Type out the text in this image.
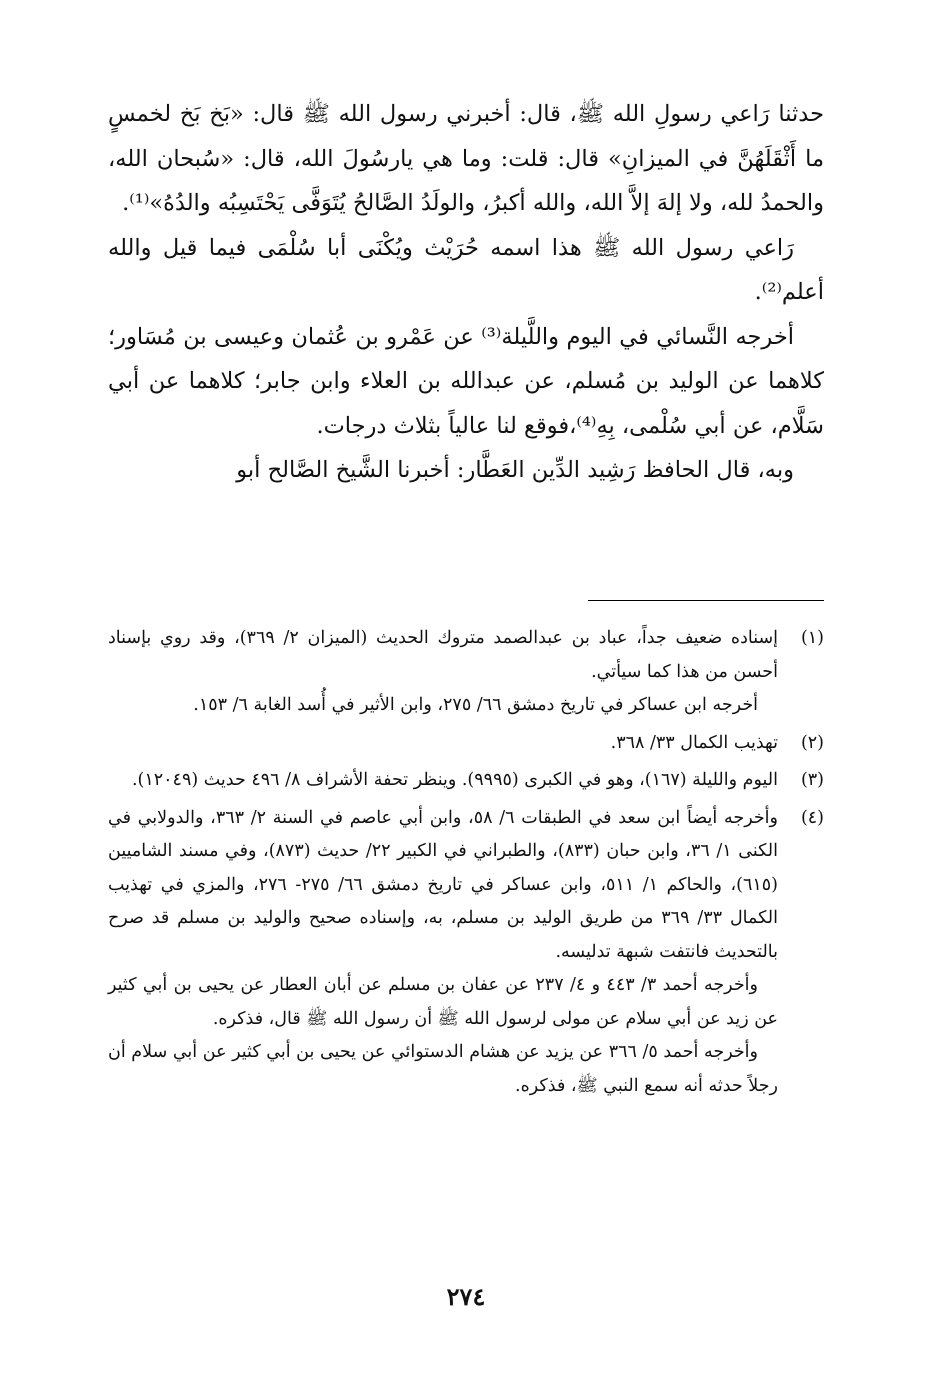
حدثنا رَاعي رسولِ الله ﷺ، قال: أخبرني رسول الله ﷺ قال: «بَخ بَخ لخمسٍ ما أَثْقَلَهُنَّ في الميزانِ» قال: قلت: وما هي يارسُولَ الله، قال: «سُبحان الله، والحمدُ لله، ولا إلهَ إلاَّ الله، والله أكبرُ، والولَدُ الصَّالحُ يُتَوَفَّى يَحْتَسِبُه والدُهُ»⁽¹⁾.

رَاعي رسول الله ﷺ هذا اسمه حُرَيْث ويُكْنَى أبا سُلْمَى فيما قيل والله أعلم⁽²⁾.

أخرجه النَّسائي في اليوم واللَّيلة⁽³⁾ عن عَمْرو بن عُثمان وعيسى بن مُسَاور؛ كلاهما عن الوليد بن مُسلم، عن عبدالله بن العلاء وابن جابر؛ كلاهما عن أبي سَلَّام، عن أبي سُلْمى، بِهِ⁽⁴⁾،فوقع لنا عالياً بثلاث درجات.

وبه، قال الحافظ رَشِيد الدِّين العَطَّار: أخبرنا الشَّيخ الصَّالح أبو

(١)
إسناده ضعيف جداً، عباد بن عبدالصمد متروك الحديث (الميزان ٢/ ٣٦٩)، وقد روي بإسناد أحسن من هذا كما سيأتي.
أخرجه ابن عساكر في تاريخ دمشق ٦٦/ ٢٧٥، وابن الأثير في أُسد الغابة ٦/ ١٥٣.
(٢)
تهذيب الكمال ٣٣/ ٣٦٨.
(٣)
اليوم والليلة (١٦٧)، وهو في الكبرى (٩٩٩٥). وينظر تحفة الأشراف ٨/ ٤٩٦ حديث (١٢٠٤٩).
(٤)
وأخرجه أيضاً ابن سعد في الطبقات ٦/ ٥٨، وابن أبي عاصم في السنة ٢/ ٣٦٣، والدولابي في الكنى ١/ ٣٦، وابن حبان (٨٣٣)، والطبراني في الكبير ٢٢/ حديث (٨٧٣)، وفي مسند الشاميين (٦١٥)، والحاكم ١/ ٥١١، وابن عساكر في تاريخ دمشق ٦٦/ ٢٧٥- ٢٧٦، والمزي في تهذيب الكمال ٣٣/ ٣٦٩ من طريق الوليد بن مسلم، به، وإسناده صحيح والوليد بن مسلم قد صرح بالتحديث فانتفت شبهة تدليسه.
وأخرجه أحمد ٣/ ٤٤٣ و ٤/ ٢٣٧ عن عفان بن مسلم عن أبان العطار عن يحيى بن أبي كثير عن زيد عن أبي سلام عن مولى لرسول الله ﷺ أن رسول الله ﷺ قال، فذكره.
وأخرجه أحمد ٥/ ٣٦٦ عن يزيد عن هشام الدستوائي عن يحيى بن أبي كثير عن أبي سلام أن رجلاً حدثه أنه سمع النبي ﷺ، فذكره.
٢٧٤
